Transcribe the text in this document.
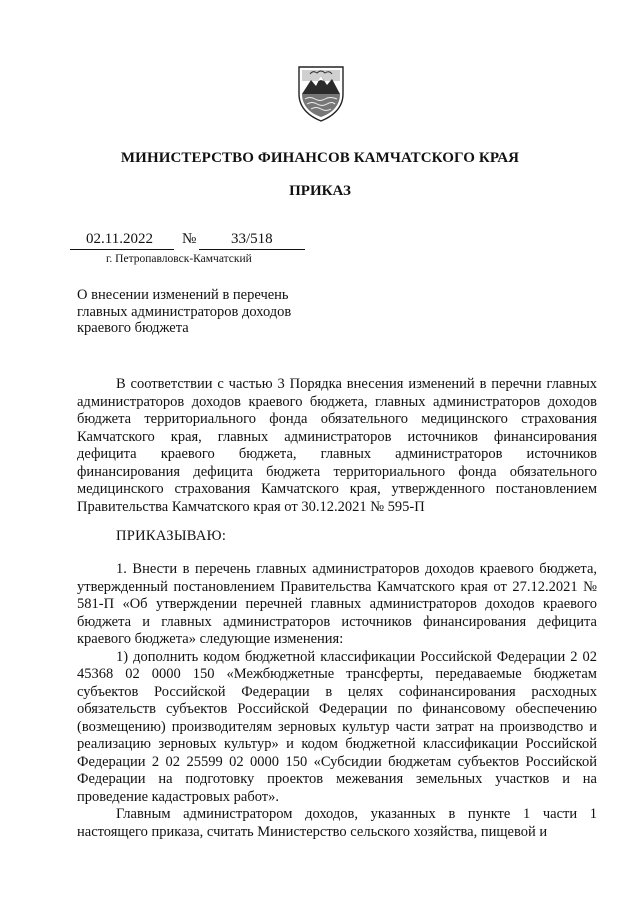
МИНИСТЕРСТВО ФИНАНСОВ КАМЧАТСКОГО КРАЯ
ПРИКАЗ
02.11.2022 № 33/518
г. Петропавловск-Камчатский
О внесении изменений в перечень главных администраторов доходов краевого бюджета

В соответствии с частью 3 Порядка внесения изменений в перечни главных администраторов доходов краевого бюджета, главных администраторов доходов бюджета территориального фонда обязательного медицинского страхования Камчатского края, главных администраторов источников финансирования дефицита краевого бюджета, главных администраторов источников финансирования дефицита бюджета территориального фонда обязательного медицинского страхования Камчатского края, утвержденного постановлением Правительства Камчатского края от 30.12.2021 № 595-П

ПРИКАЗЫВАЮ:

1. Внести в перечень главных администраторов доходов краевого бюджета, утвержденный постановлением Правительства Камчатского края от 27.12.2021 № 581-П «Об утверждении перечней главных администраторов доходов краевого бюджета и главных администраторов источников финансирования дефицита краевого бюджета» следующие изменения:

1) дополнить кодом бюджетной классификации Российской Федерации 2 02 45368 02 0000 150 «Межбюджетные трансферты, передаваемые бюджетам субъектов Российской Федерации в целях софинансирования расходных обязательств субъектов Российской Федерации по финансовому обеспечению (возмещению) производителям зерновых культур части затрат на производство и реализацию зерновых культур» и кодом бюджетной классификации Российской Федерации 2 02 25599 02 0000 150 «Субсидии бюджетам субъектов Российской Федерации на подготовку проектов межевания земельных участков и на проведение кадастровых работ».

Главным администратором доходов, указанных в пункте 1 части 1 настоящего приказа, считать Министерство сельского хозяйства, пищевой и
